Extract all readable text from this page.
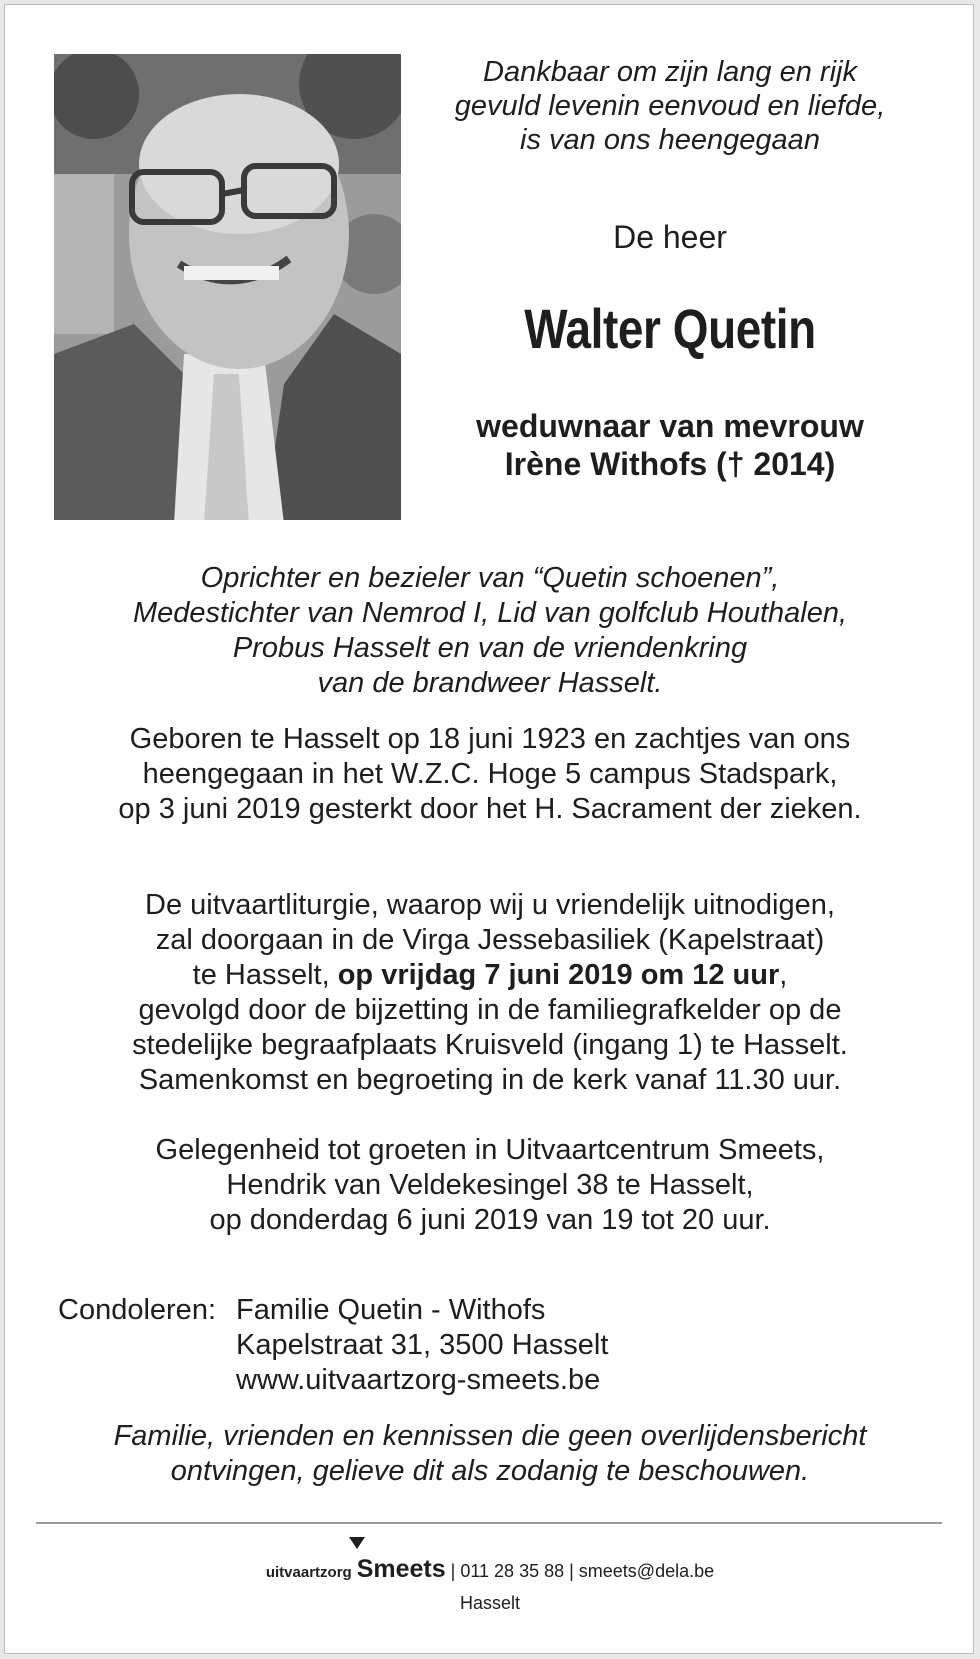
Dankbaar om zijn lang en rijk
gevuld levenin eenvoud en liefde,
is van ons heengegaan
De heer
Walter Quetin
weduwnaar van mevrouw
Irène Withofs († 2014)
Oprichter en bezieler van “Quetin schoenen”,
Medestichter van Nemrod I, Lid van golfclub Houthalen,
Probus Hasselt en van de vriendenkring
van de brandweer Hasselt.
Geboren te Hasselt op 18 juni 1923 en zachtjes van ons
heengegaan in het W.Z.C. Hoge 5 campus Stadspark,
op 3 juni 2019 gesterkt door het H. Sacrament der zieken.
De uitvaartliturgie, waarop wij u vriendelijk uitnodigen,
zal doorgaan in de Virga Jessebasiliek (Kapelstraat)
te Hasselt, op vrijdag 7 juni 2019 om 12 uur,
gevolgd door de bijzetting in de familiegrafkelder op de
stedelijke begraafplaats Kruisveld (ingang 1) te Hasselt.
Samenkomst en begroeting in de kerk vanaf 11.30 uur.
Gelegenheid tot groeten in Uitvaartcentrum Smeets,
Hendrik van Veldekesingel 38 te Hasselt,
op donderdag 6 juni 2019 van 19 tot 20 uur.
Condoleren: Familie Quetin - Withofs
Kapelstraat 31, 3500 Hasselt
www.uitvaartzorg-smeets.be
Familie, vrienden en kennissen die geen overlijdensbericht
ontvingen, gelieve dit als zodanig te beschouwen.
uitvaartzorg Smeets | 011 28 35 88 | smeets@dela.be
Hasselt
